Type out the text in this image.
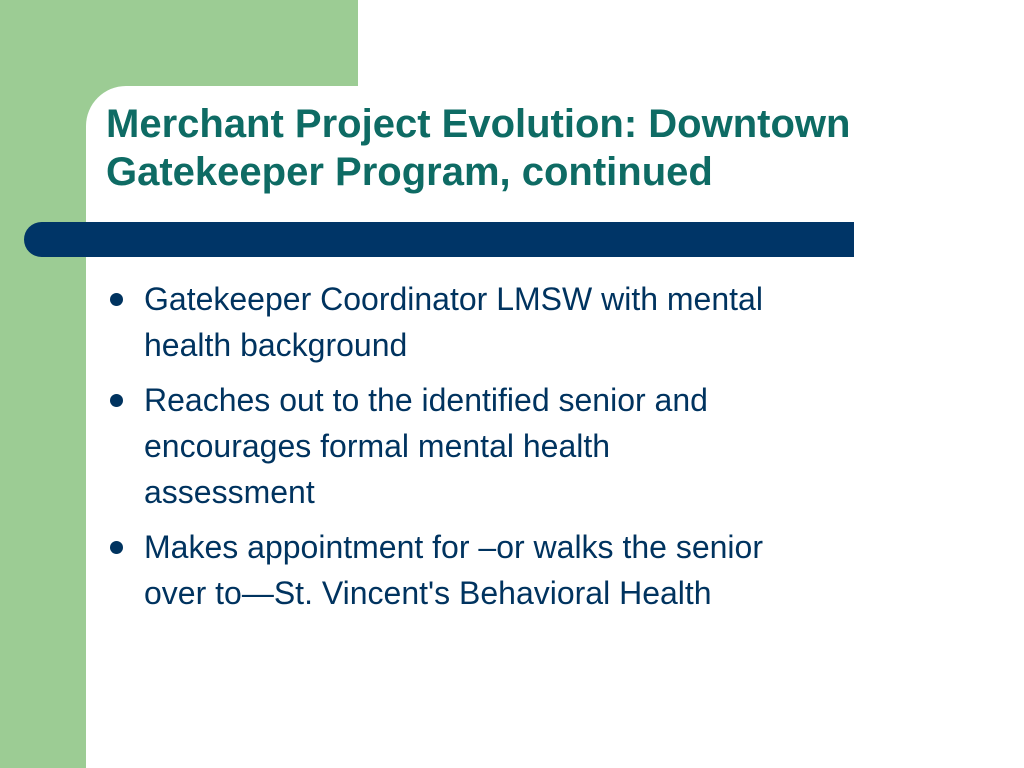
Merchant Project Evolution: Downtown
Gatekeeper Program, continued
Gatekeeper Coordinator LMSW with mental
health background
Reaches out to the identified senior and
encourages formal mental health
assessment
Makes appointment for –or walks the senior
over to—St. Vincent's Behavioral Health
